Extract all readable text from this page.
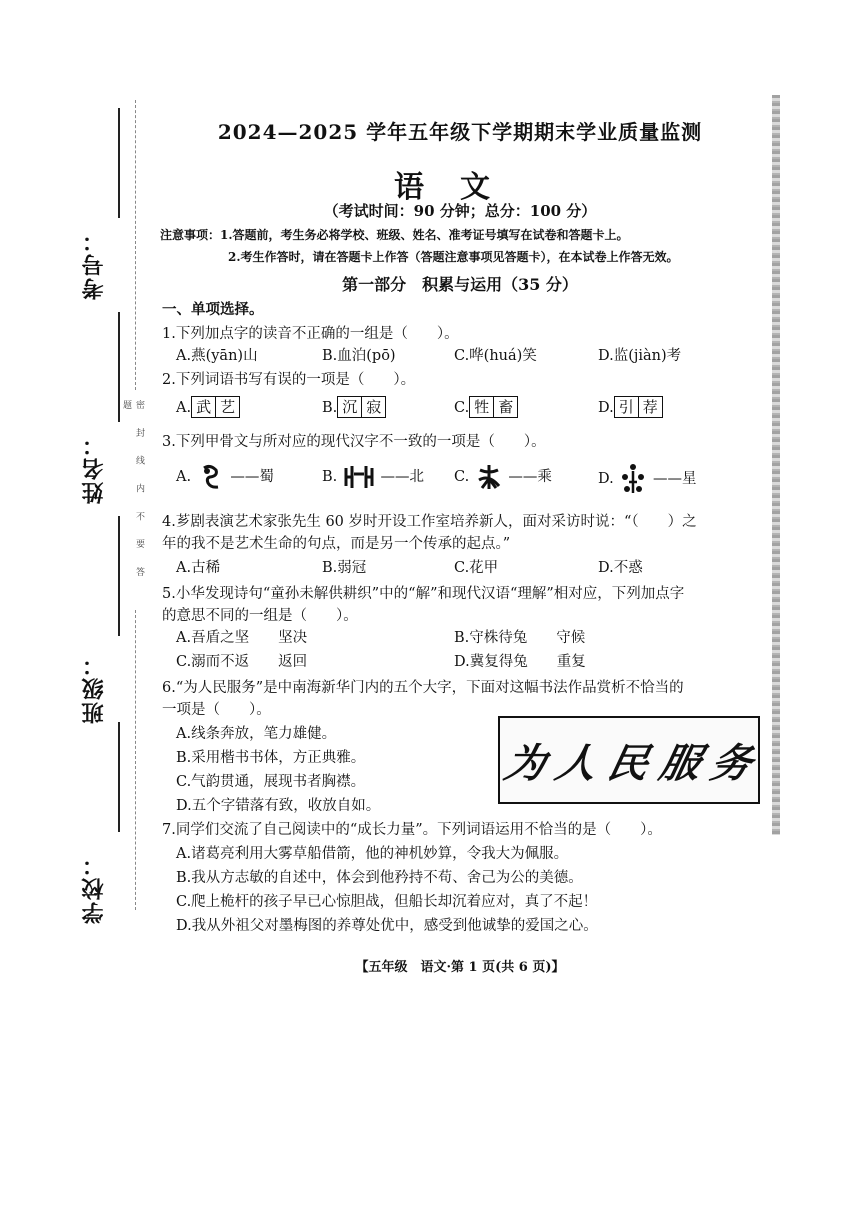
考号：
姓名：
班级：
学校：
密 封 线 内 不 要 答 题
2024—2025 学年五年级下学期期末学业质量监测
语文
（考试时间：90 分钟；总分：100 分）
注意事项：1.答题前，考生务必将学校、班级、姓名、准考证号填写在试卷和答题卡上。
2.考生作答时，请在答题卡上作答（答题注意事项见答题卡），在本试卷上作答无效。
第一部分　积累与运用（35 分）
一、单项选择。
1.下列加点字的读音不正确的一组是（　　）。
A.燕(yān)山	B.血泊(pō)	C.哗(huá)笑	D.监(jiàn)考
2.下列词语书写有误的一项是（　　）。
A. 武 艺	B. 沉 寂	C. 牲 畜	D. 引 荐
3.下列甲骨文与所对应的现代汉字不一致的一项是（　　）。
A.	——蜀	B.	——北 C.	——乘	D.	——星
4.芗剧表演艺术家张先生 60 岁时开设工作室培养新人，面对采访时说：“（　　）之
年的我不是艺术生命的句点，而是另一个传承的起点。”
A.古稀	B.弱冠	C.花甲	D.不惑
5.小华发现诗句“童孙未解供耕织”中的“解”和现代汉语“理解”相对应，下列加点字
的意思不同的一组是（　　）。
A.吾盾之坚　　坚决	B.守株待兔　　守候
C.溺而不返　　返回	D.冀复得兔　　重复
6.“为人民服务”是中南海新华门内的五个大字，下面对这幅书法作品赏析不恰当的
一项是（　　）。
A.线条奔放，笔力雄健。
B.采用楷书书体，方正典雅。
C.气韵贯通，展现书者胸襟。
D.五个字错落有致，收放自如。
为 人 民 服 务
7.同学们交流了自己阅读中的“成长力量”。下列词语运用不恰当的是（　　）。
A.诸葛亮利用大雾草船借箭，他的神机妙算，令我大为佩服。
B.我从方志敏的自述中，体会到他矜持不苟、舍己为公的美德。
C.爬上桅杆的孩子早已心惊胆战，但船长却沉着应对，真了不起！
D.我从外祖父对墨梅图的养尊处优中，感受到他诚挚的爱国之心。
【五年级　语文·第 1 页(共 6 页)】
